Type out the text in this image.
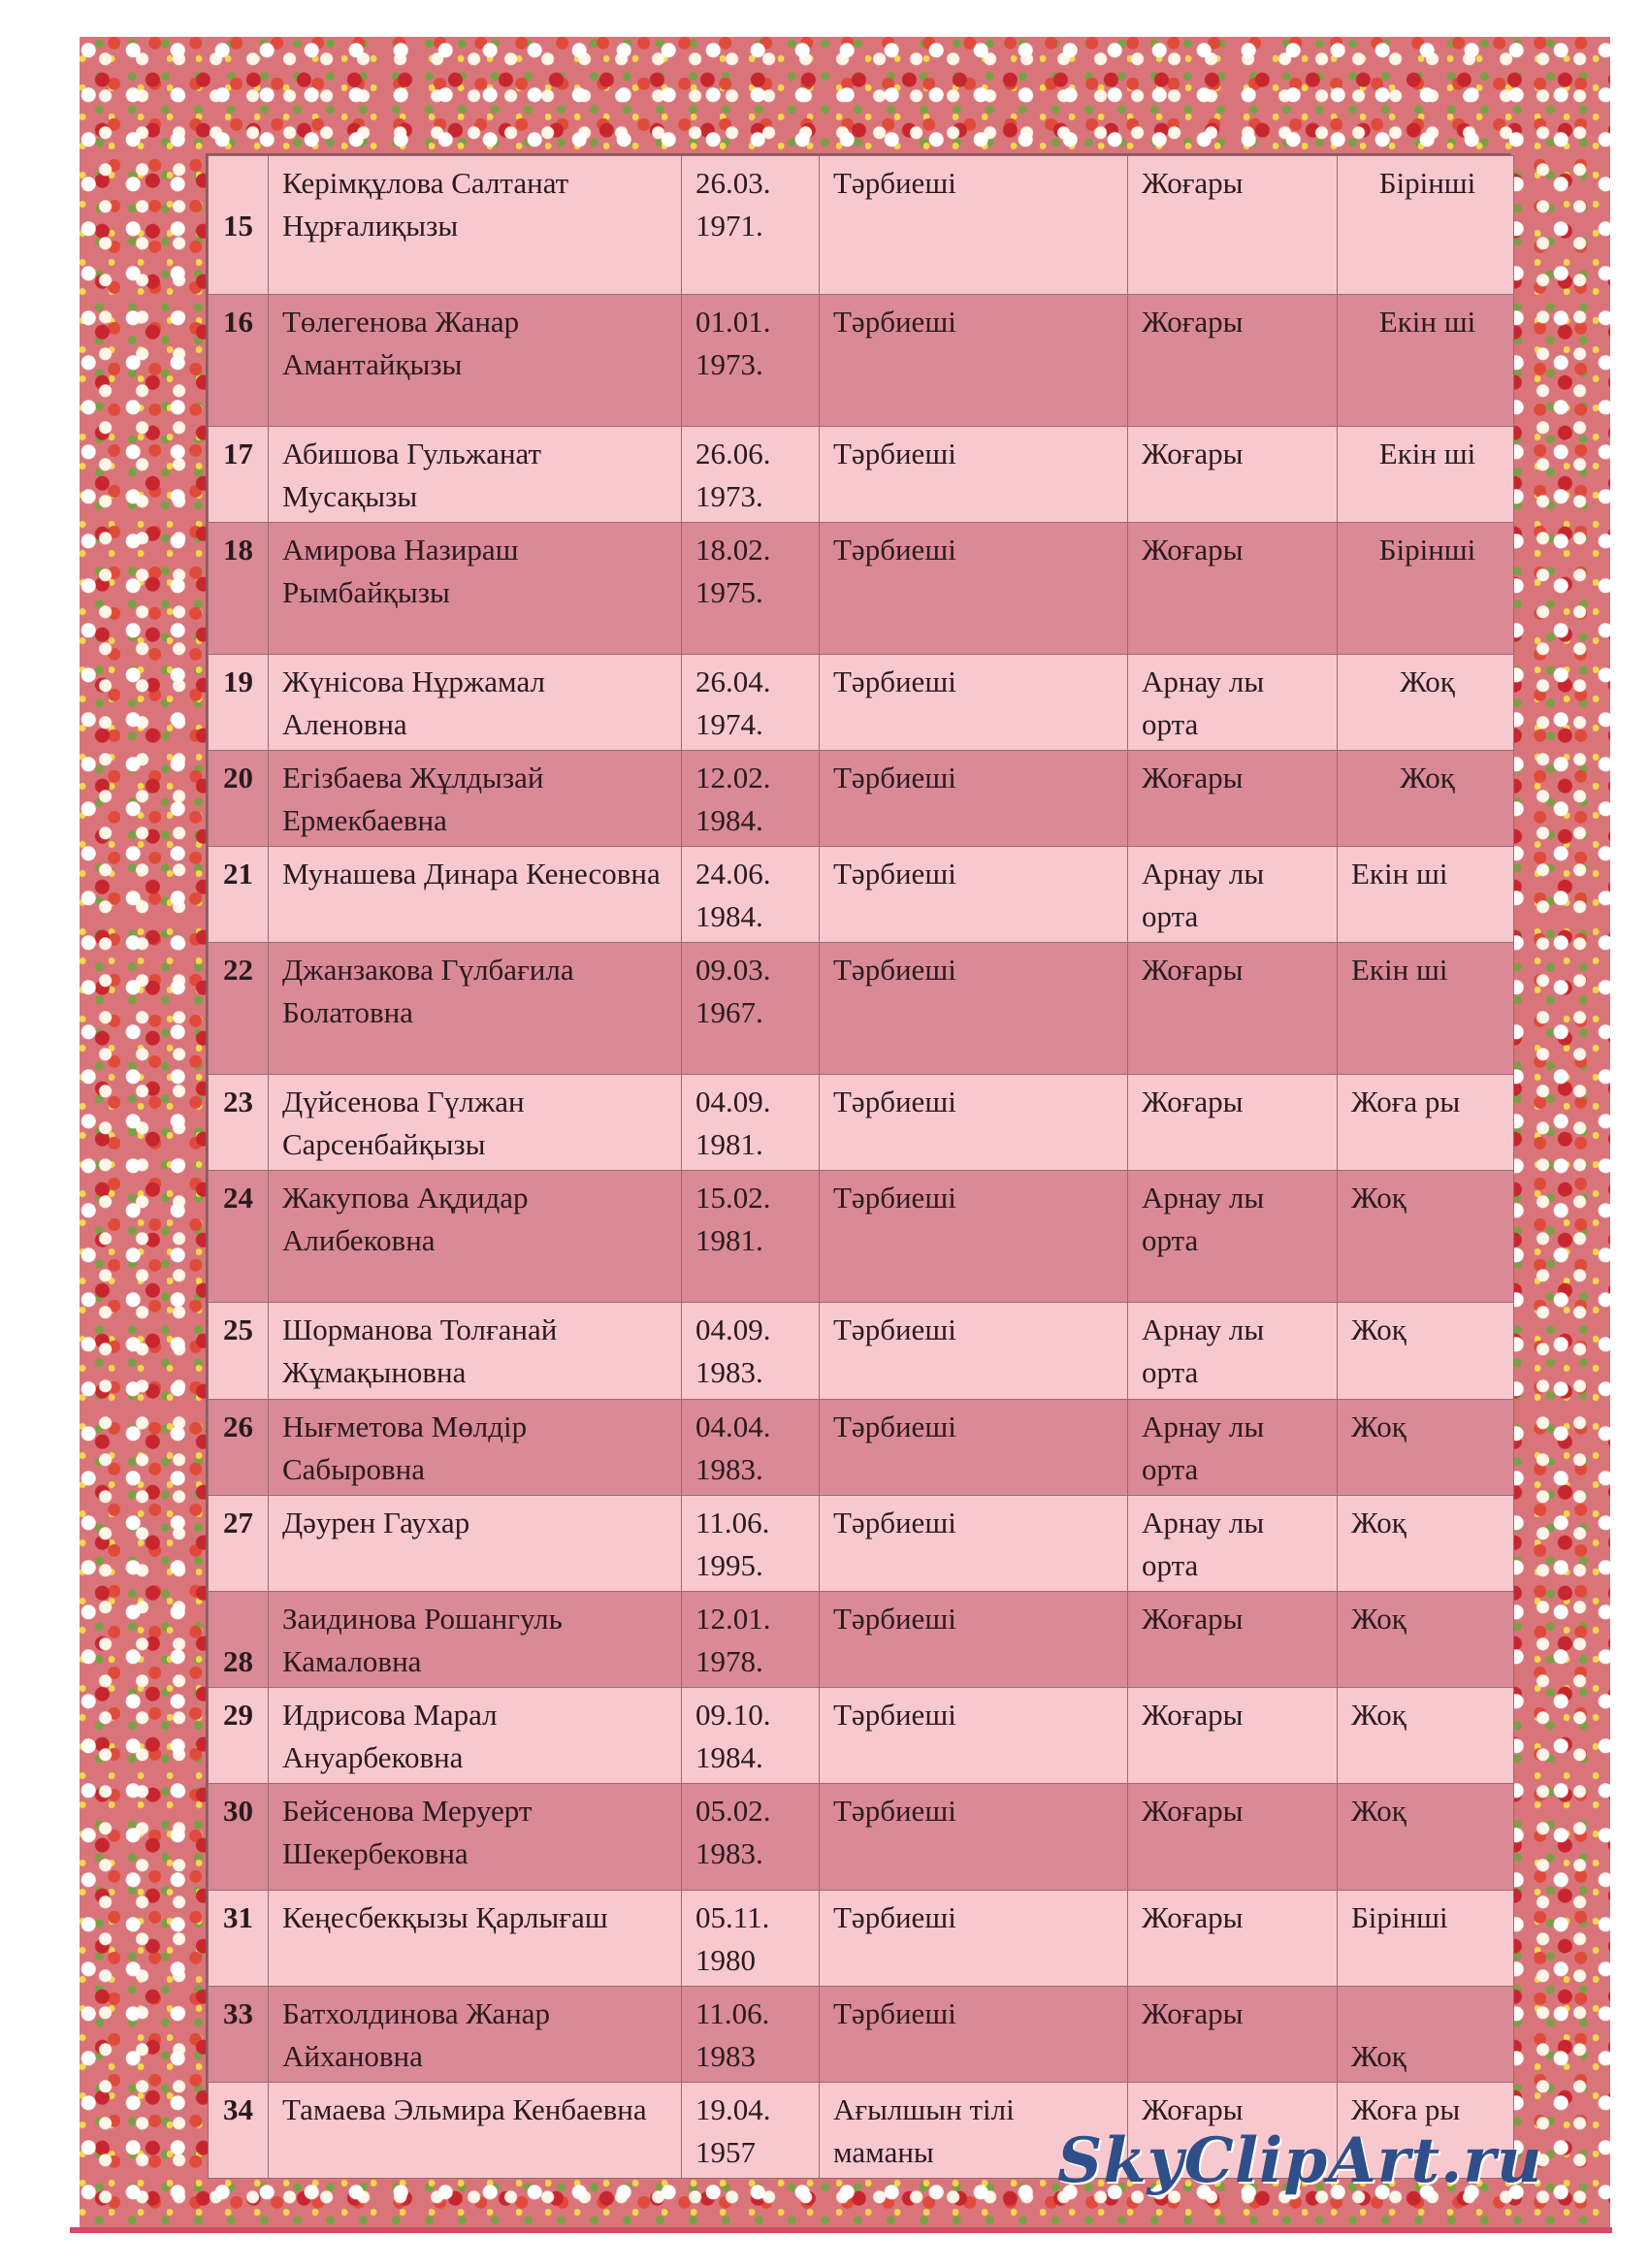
15	Керімқұлова Салтанат Нұрғалиқызы	26.03. 1971.	Тәрбиеші	Жоғары	Бірінші
16	Төлегенова Жанар Амантайқызы	01.01. 1973.	Тәрбиеші	Жоғары	Екін ші
17	Абишова Гульжанат Мусақызы	26.06. 1973.	Тәрбиеші	Жоғары	Екін ші
18	Амирова Назираш Рымбайқызы	18.02. 1975.	Тәрбиеші	Жоғары	Бірінші
19	Жүнісова Нұржамал Аленовна	26.04. 1974.	Тәрбиеші	Арнау лы орта	Жоқ
20	Егізбаева Жұлдызай Ермекбаевна	12.02. 1984.	Тәрбиеші	Жоғары	Жоқ
21	Мунашева Динара Кенесовна	24.06. 1984.	Тәрбиеші	Арнау лы орта	Екін ші
22	Джанзакова Гүлбағила Болатовна	09.03. 1967.	Тәрбиеші	Жоғары	Екін ші
23	Дүйсенова Гүлжан Сарсенбайқызы	04.09. 1981.	Тәрбиеші	Жоғары	Жоға ры
24	Жакупова Ақдидар Алибековна	15.02. 1981.	Тәрбиеші	Арнау лы орта	Жоқ
25	Шорманова Толғанай Жұмақыновна	04.09. 1983.	Тәрбиеші	Арнау лы орта	Жоқ
26	Нығметова Мөлдір Сабыровна	04.04. 1983.	Тәрбиеші	Арнау лы орта	Жоқ
27	Дәурен Гаухар	11.06. 1995.	Тәрбиеші	Арнау лы орта	Жоқ
28	Заидинова Рошангуль Камаловна	12.01. 1978.	Тәрбиеші	Жоғары	Жоқ
29	Идрисова Марал Ануарбековна	09.10. 1984.	Тәрбиеші	Жоғары	Жоқ
30	Бейсенова Меруерт Шекербековна	05.02. 1983.	Тәрбиеші	Жоғары	Жоқ
31	Кеңесбекқызы Қарлығаш	05.11. 1980	Тәрбиеші	Жоғары	Бірінші
33	Батхолдинова Жанар Айхановна	11.06. 1983	Тәрбиеші	Жоғары	Жоқ
34	Тамаева Эльмира Кенбаевна	19.04. 1957	Ағылшын тілі маманы	Жоғары	Жоға ры
SkyClipArt.ru
